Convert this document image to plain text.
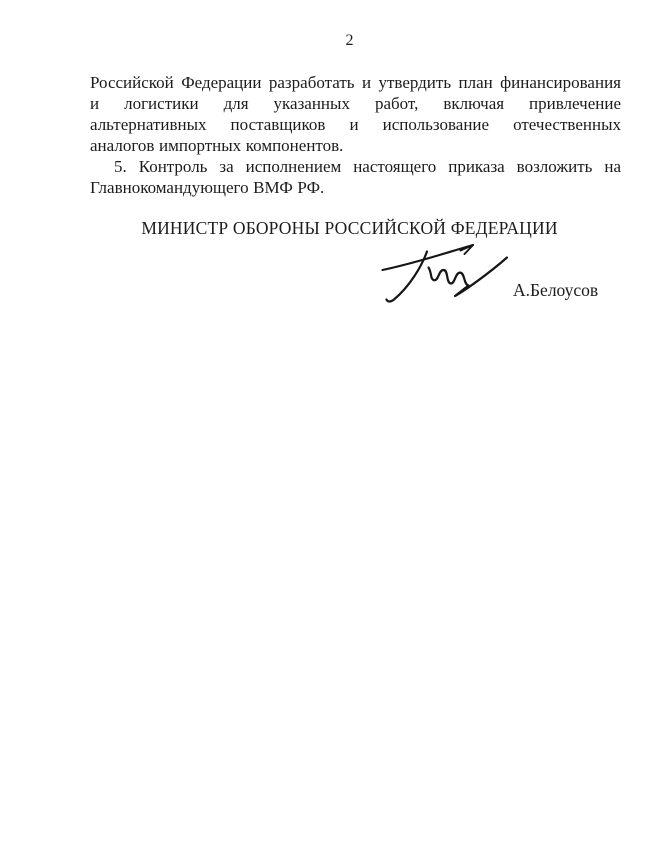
2
Российской Федерации разработать и утвердить план финансирования
и логистики для указанных работ, включая привлечение
альтернативных поставщиков и использование отечественных
аналогов импортных компонентов.
5. Контроль за исполнением настоящего приказа возложить на
Главнокомандующего ВМФ РФ.
МИНИСТР ОБОРОНЫ РОССИЙСКОЙ ФЕДЕРАЦИИ
А.Белоусов
